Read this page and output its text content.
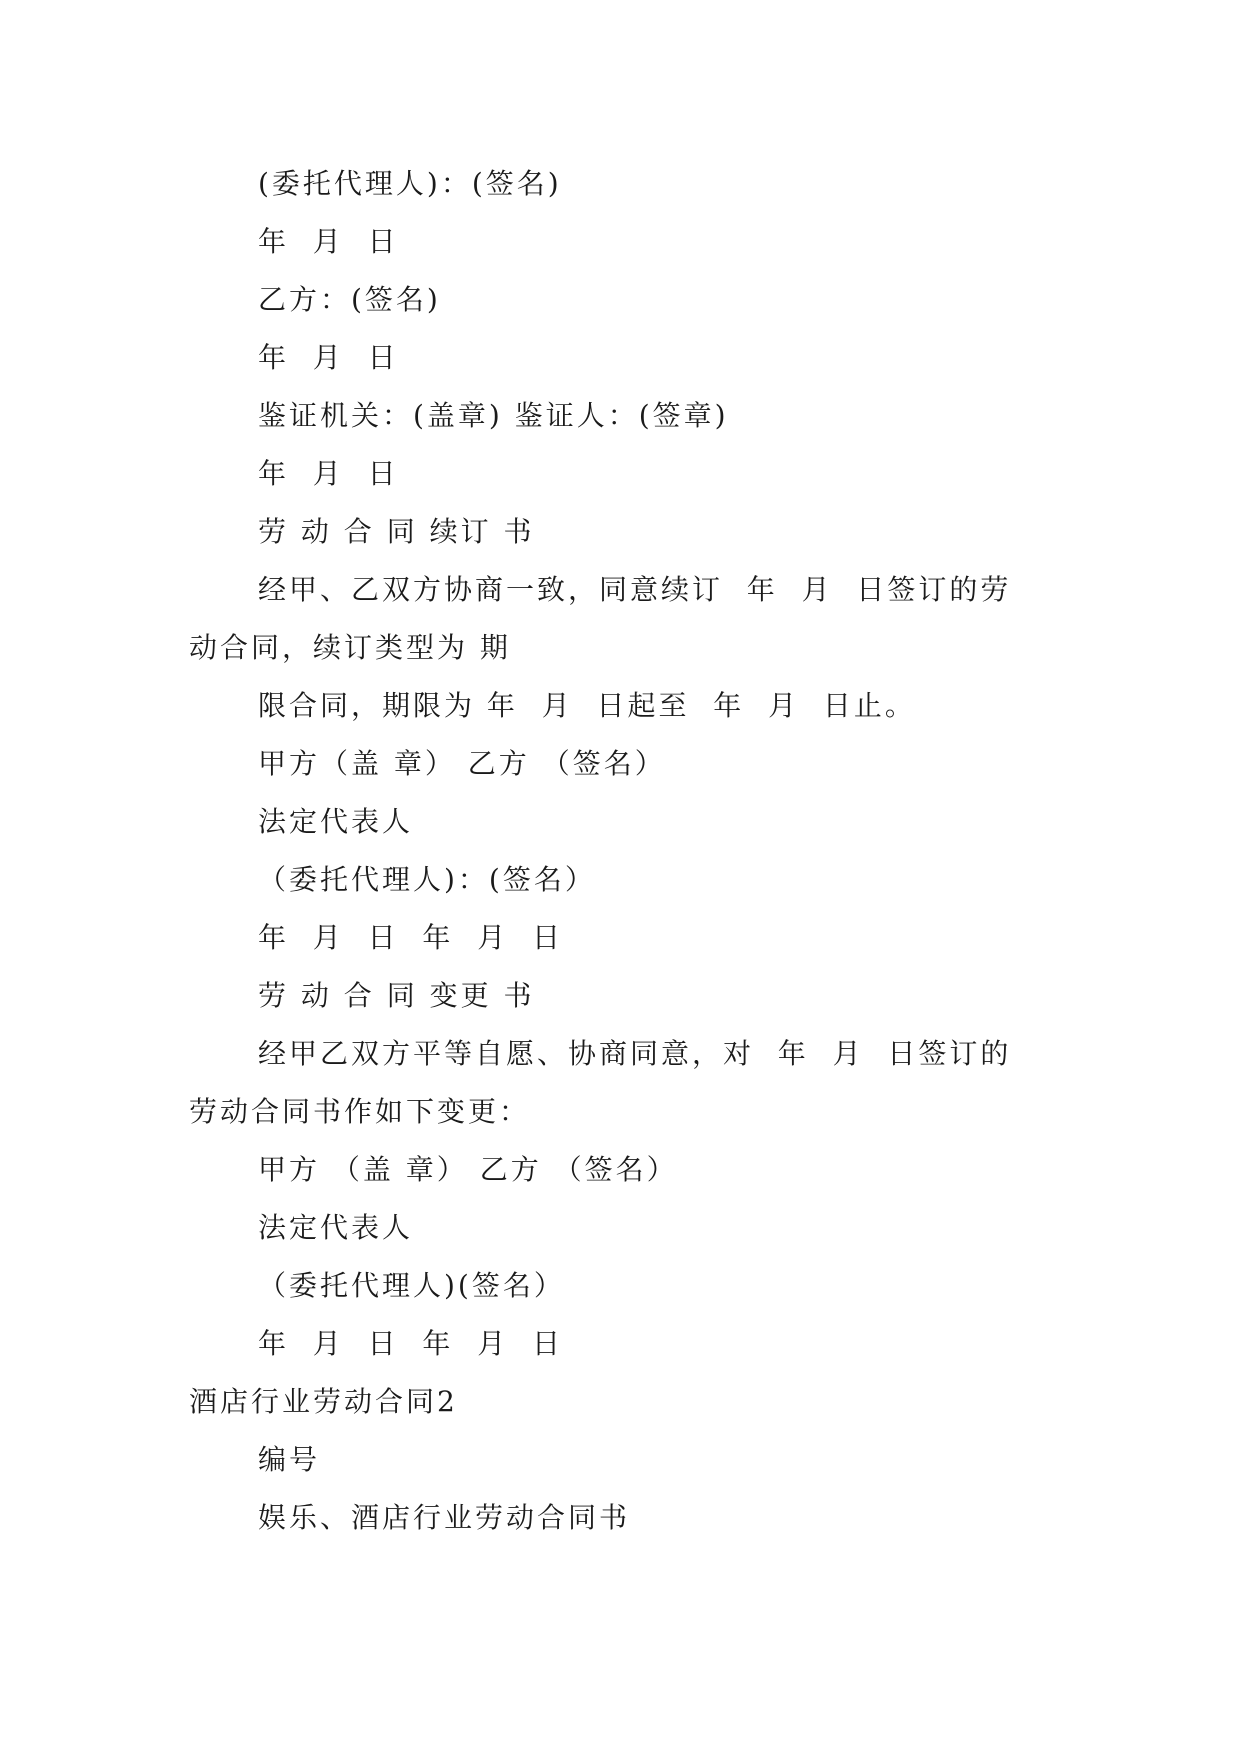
(委托代理人)：(签名)
年  月  日
乙方：(签名)
年  月  日
鉴证机关：(盖章) 鉴证人：(签章)
年  月  日
劳 动 合 同 续订 书
经甲、乙双方协商一致，同意续订  年  月  日签订的劳
动合同，续订类型为 期
限合同，期限为 年  月  日起至  年  月  日止。
甲方（盖 章） 乙方 （签名）
法定代表人
（委托代理人)：(签名）
年  月  日  年  月  日
劳 动 合 同 变更 书
经甲乙双方平等自愿、协商同意，对  年  月  日签订的
劳动合同书作如下变更：
甲方 （盖 章） 乙方 （签名）
法定代表人
（委托代理人)(签名）
年  月  日  年  月  日
酒店行业劳动合同2
编号
娱乐、酒店行业劳动合同书
